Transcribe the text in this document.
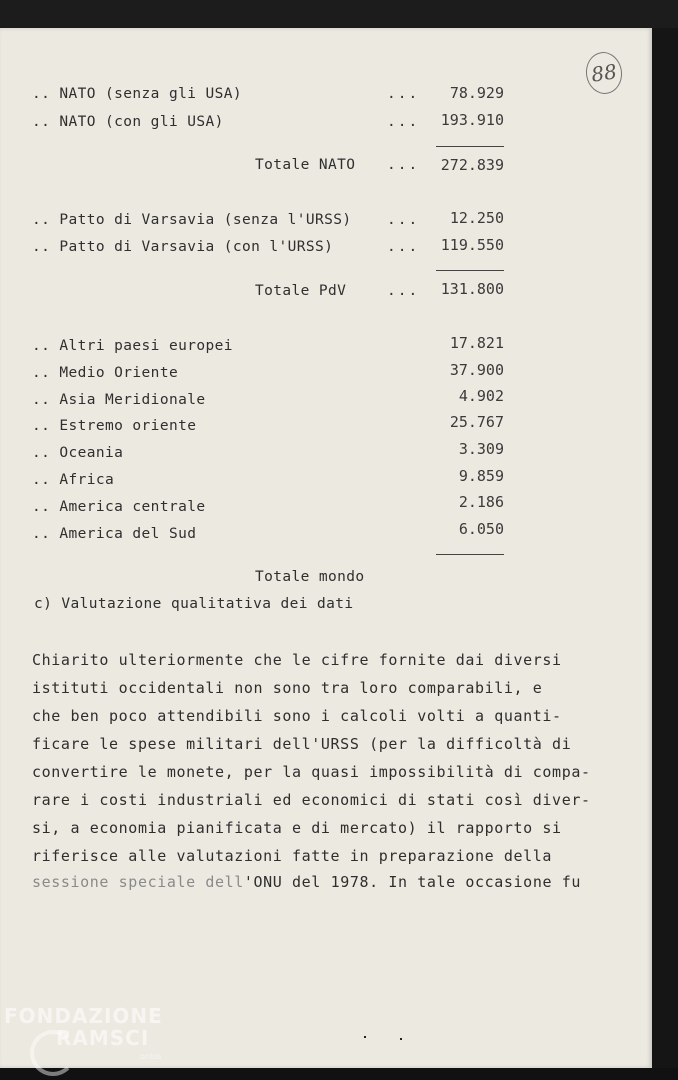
88
.. NATO (senza gli USA)	...	78.929
.. NATO (con gli USA)	...	193.910
Totale NATO ...	272.839
.. Patto di Varsavia (senza l'URSS) ...	12.250
.. Patto di Varsavia (con l'URSS)	...	119.550
Totale PdV	...	131.800
.. Altri paesi europei	17.821
.. Medio Oriente	37.900
.. Asia Meridionale	4.902
.. Estremo oriente	25.767
.. Oceania	3.309
.. Africa	9.859
.. America centrale	2.186
.. America del Sud	6.050
Totale mondo
c) Valutazione qualitativa dei dati
Chiarito ulteriormente che le cifre fornite dai diversi
istituti occidentali non sono tra loro comparabili, e
che ben poco attendibili sono i calcoli volti a quanti-
ficare le spese militari dell'URSS (per la difficoltà di
convertire le monete, per la quasi impossibilità di compa-
rare i costi industriali ed economici di stati così diver-
si, a economia pianificata e di mercato) il rapporto si
riferisce alle valutazioni fatte in preparazione della
sessione speciale dell'ONU del 1978. In tale occasione fu
FONDAZIONE
RAMSCI
onlus
